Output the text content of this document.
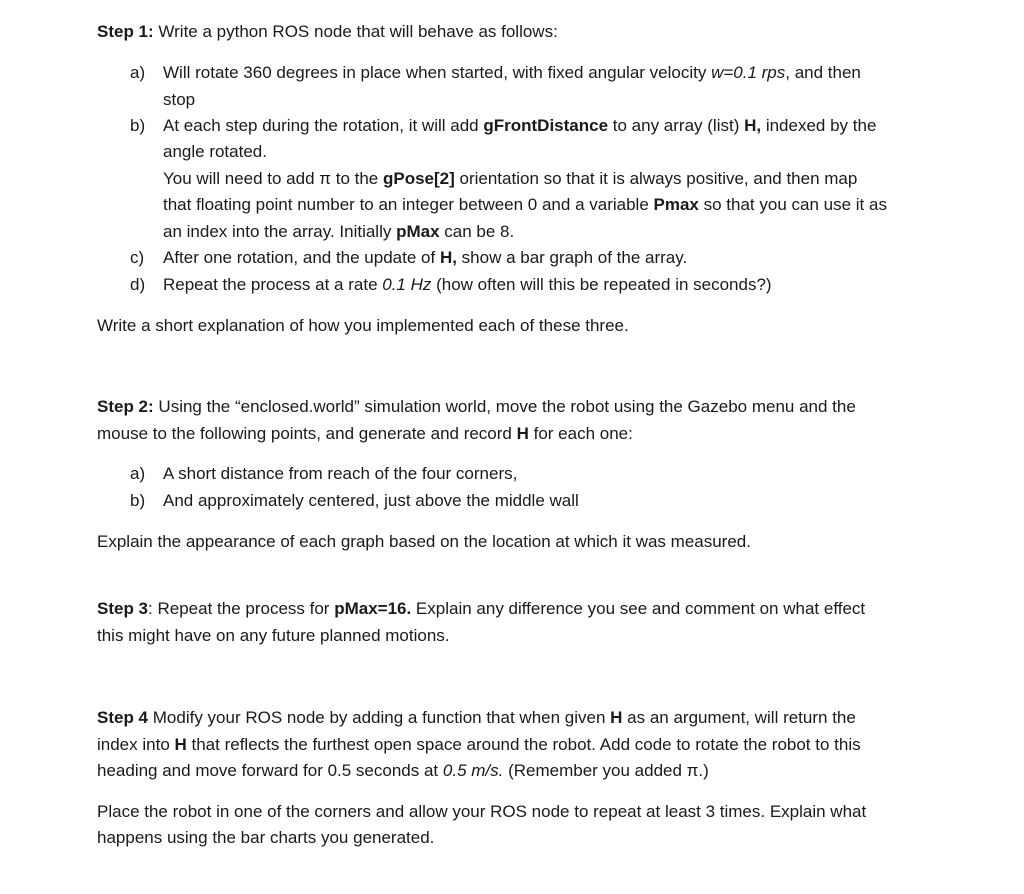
Step 1: Write a python ROS node that will behave as follows:
a) Will rotate 360 degrees in place when started, with fixed angular velocity w=0.1 rps, and then
stop
b) At each step during the rotation, it will add gFrontDistance to any array (list) H, indexed by the
angle rotated.
You will need to add π to the gPose[2] orientation so that it is always positive, and then map
that floating point number to an integer between 0 and a variable Pmax so that you can use it as
an index into the array. Initially pMax can be 8.
c) After one rotation, and the update of H, show a bar graph of the array.
d) Repeat the process at a rate 0.1 Hz (how often will this be repeated in seconds?)
Write a short explanation of how you implemented each of these three.
Step 2: Using the “enclosed.world” simulation world, move the robot using the Gazebo menu and the
mouse to the following points, and generate and record H for each one:
a) A short distance from reach of the four corners,
b) And approximately centered, just above the middle wall
Explain the appearance of each graph based on the location at which it was measured.
Step 3: Repeat the process for pMax=16. Explain any difference you see and comment on what effect
this might have on any future planned motions.
Step 4 Modify your ROS node by adding a function that when given H as an argument, will return the
index into H that reflects the furthest open space around the robot. Add code to rotate the robot to this
heading and move forward for 0.5 seconds at 0.5 m/s. (Remember you added π.)
Place the robot in one of the corners and allow your ROS node to repeat at least 3 times. Explain what
happens using the bar charts you generated.
